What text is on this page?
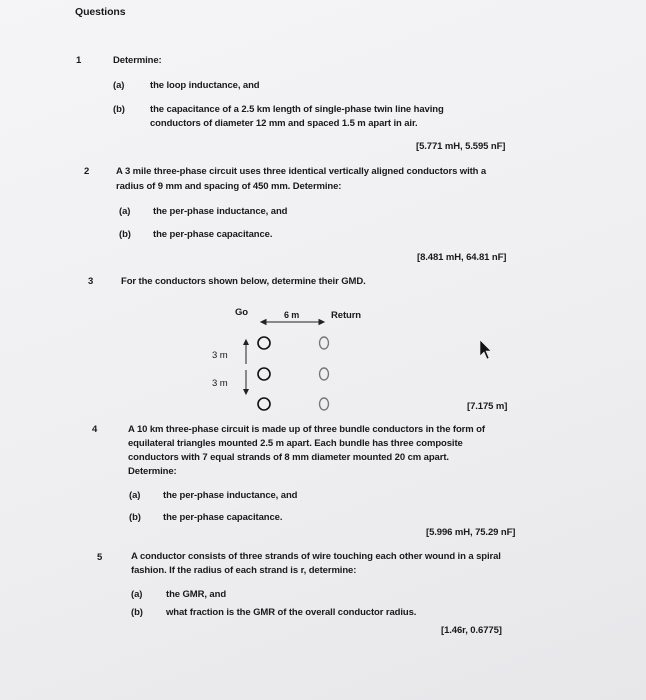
Questions
1	Determine:
(a)	the loop inductance, and
(b)	the capacitance of a 2.5 km length of single-phase twin line having
conductors of diameter 12 mm and spaced 1.5 m apart in air.
[5.771 mH, 5.595 nF]
2	A 3 mile three-phase circuit uses three identical vertically aligned conductors with a
radius of 9 mm and spacing of 450 mm. Determine:
(a) the per-phase inductance, and
(b) the per-phase capacitance.
[8.481 mH, 64.81 nF]
3	For the conductors shown below, determine their GMD.
Go	6 m	Return
3 m
3 m
[7.175 m]
4	A 10 km three-phase circuit is made up of three bundle conductors in the form of
equilateral triangles mounted 2.5 m apart. Each bundle has three composite
conductors with 7 equal strands of 8 mm diameter mounted 20 cm apart.
Determine:
(a) the per-phase inductance, and
(b) the per-phase capacitance.
[5.996 mH, 75.29 nF]
5	A conductor consists of three strands of wire touching each other wound in a spiral
fashion. If the radius of each strand is r, determine:
(a) the GMR, and
(b) what fraction is the GMR of the overall conductor radius.
[1.46r, 0.6775]
